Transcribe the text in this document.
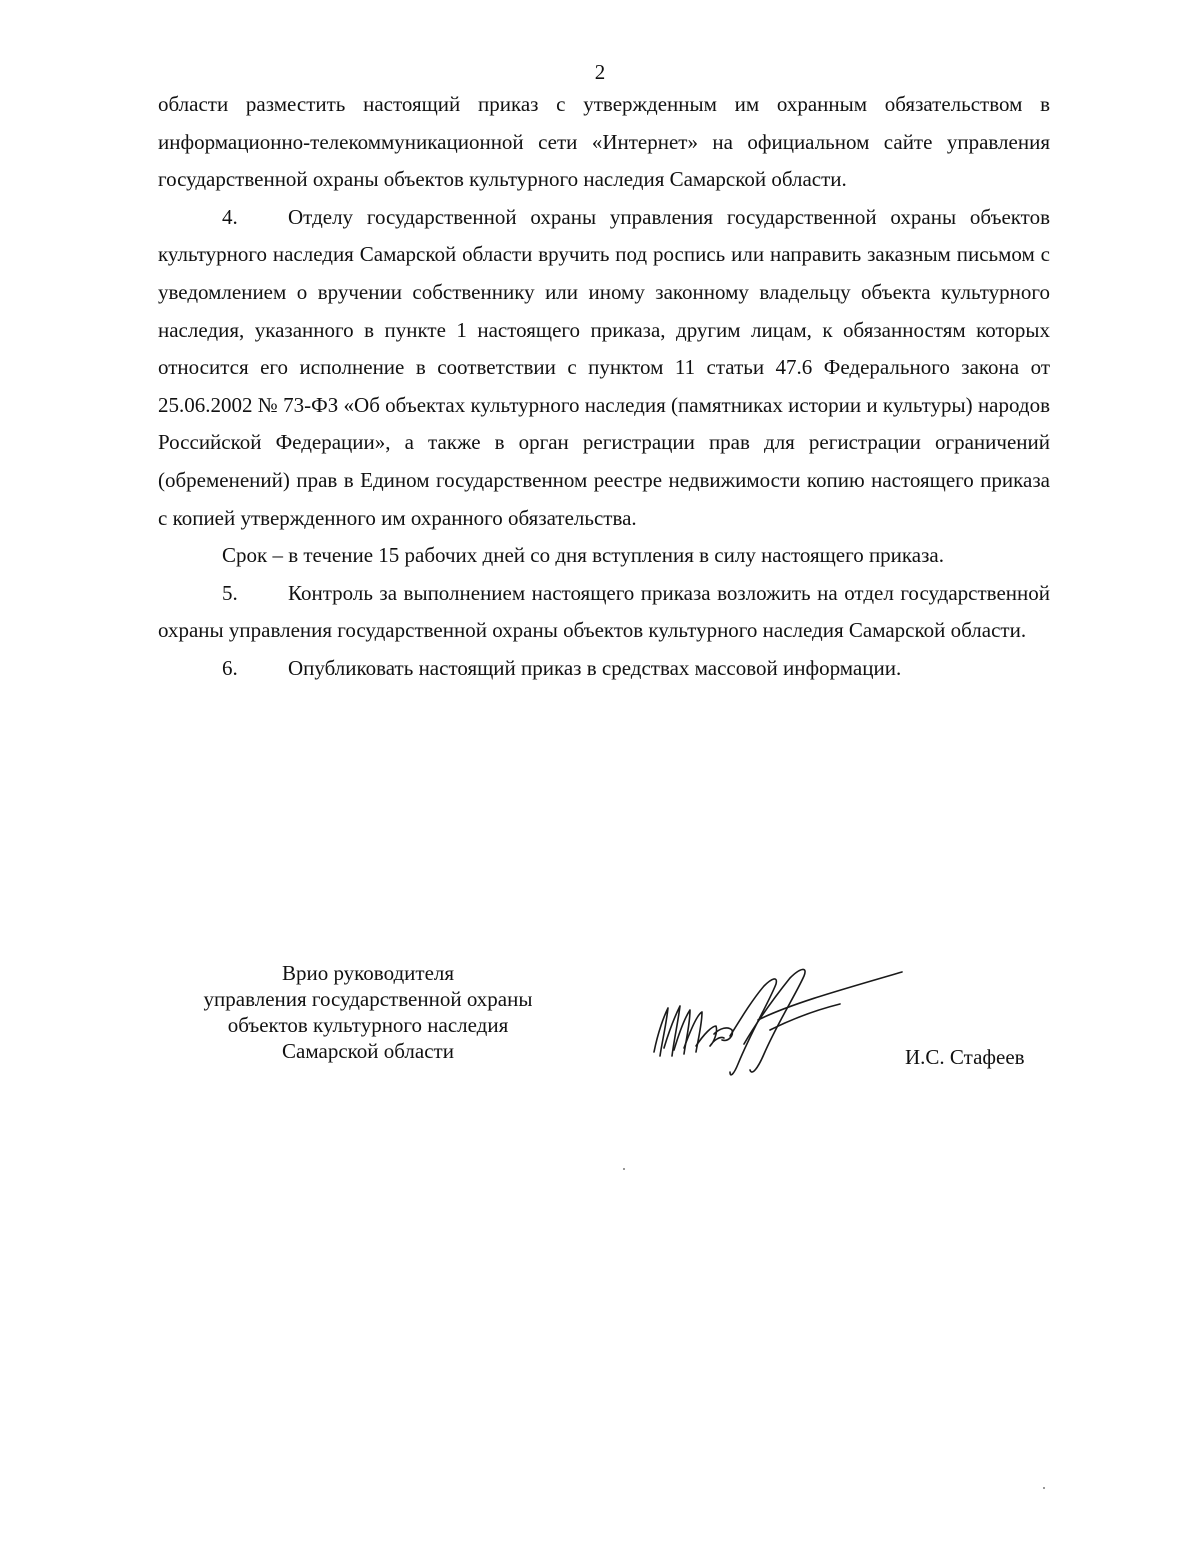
2

области разместить настоящий приказ с утвержденным им охранным обязательством в информационно-телекоммуникационной сети «Интернет» на официальном сайте управления государственной охраны объектов культурного наследия Самарской области.

4. Отделу государственной охраны управления государственной охраны объектов культурного наследия Самарской области вручить под роспись или направить заказным письмом с уведомлением о вручении собственнику или иному законному владельцу объекта культурного наследия, указанного в пункте 1 настоящего приказа, другим лицам, к обязанностям которых относится его исполнение в соответствии с пунктом 11 статьи 47.6 Федерального закона от 25.06.2002 № 73-ФЗ «Об объектах культурного наследия (памятниках истории и культуры) народов Российской Федерации», а также в орган регистрации прав для регистрации ограничений (обременений) прав в Едином государственном реестре недвижимости копию настоящего приказа с копией утвержденного им охранного обязательства.

Срок – в течение 15 рабочих дней со дня вступления в силу настоящего приказа.

5. Контроль за выполнением настоящего приказа возложить на отдел государственной охраны управления государственной охраны объектов культурного наследия Самарской области.

6. Опубликовать настоящий приказ в средствах массовой информации.

Врио руководителя

управления государственной охраны

объектов культурного наследия

Самарской области	И.С. Стафеев
